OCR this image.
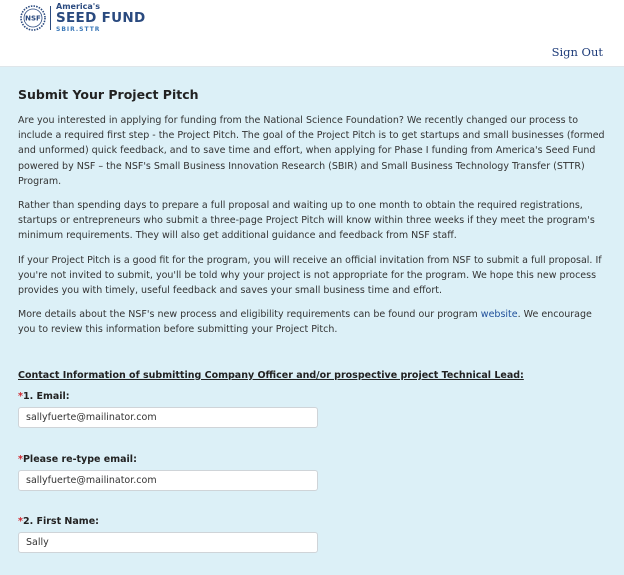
NSF
America's
SEED FUND
SBIR.STTR
Sign Out
Submit Your Project Pitch

Are you interested in applying for funding from the National Science Foundation? We recently changed our process to include a required first step - the Project Pitch. The goal of the Project Pitch is to get startups and small businesses (formed and unformed) quick feedback, and to save time and effort, when applying for Phase I funding from America's Seed Fund powered by NSF – the NSF's Small Business Innovation Research (SBIR) and Small Business Technology Transfer (STTR) Program.

Rather than spending days to prepare a full proposal and waiting up to one month to obtain the required registrations, startups or entrepreneurs who submit a three-page Project Pitch will know within three weeks if they meet the program's minimum requirements. They will also get additional guidance and feedback from NSF staff.

If your Project Pitch is a good fit for the program, you will receive an official invitation from NSF to submit a full proposal. If you're not invited to submit, you'll be told why your project is not appropriate for the program. We hope this new process provides you with timely, useful feedback and saves your small business time and effort.

More details about the NSF's new process and eligibility requirements can be found our program website. We encourage you to review this information before submitting your Project Pitch.

Contact Information of submitting Company Officer and/or prospective project Technical Lead:
*1. Email:
sallyfuerte@mailinator.com
*Please re-type email:
sallyfuerte@mailinator.com
*2. First Name:
Sally
